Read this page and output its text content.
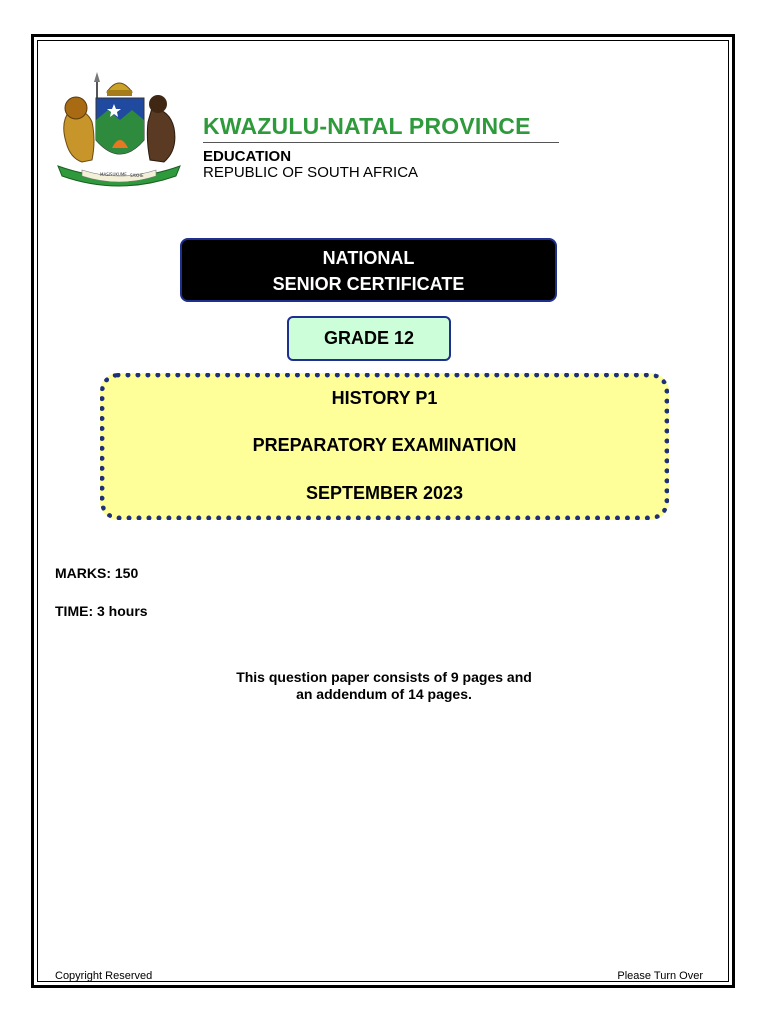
MASISUKUME SAKHE
KWAZULU-NATAL PROVINCE
EDUCATION
REPUBLIC OF SOUTH AFRICA
NATIONAL
SENIOR CERTIFICATE
GRADE 12
HISTORY P1
PREPARATORY EXAMINATION
SEPTEMBER 2023
MARKS: 150
TIME: 3 hours
This question paper consists of 9 pages and
an addendum of 14 pages.
Copyright Reserved	Please Turn Over
